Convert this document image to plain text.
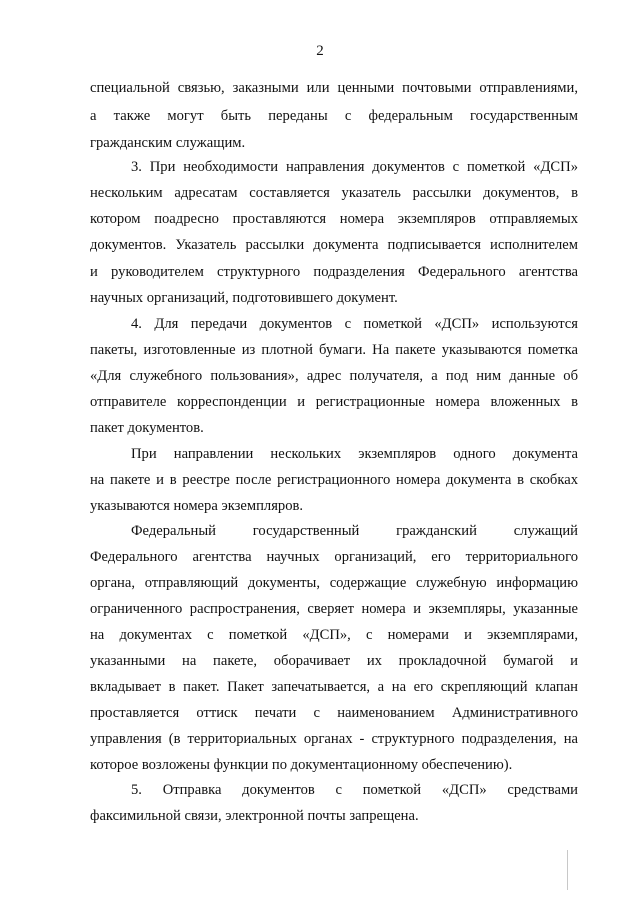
2
специальной связью, заказными или ценными почтовыми отправлениями,
а также могут быть переданы с федеральным государственным
гражданским служащим.
3. При необходимости направления документов с пометкой «ДСП»
нескольким адресатам составляется указатель рассылки документов, в
котором поадресно проставляются номера экземпляров отправляемых
документов. Указатель рассылки документа подписывается исполнителем
и руководителем структурного подразделения Федерального агентства
научных организаций, подготовившего документ.
4. Для передачи документов с пометкой «ДСП» используются
пакеты, изготовленные из плотной бумаги. На пакете указываются пометка
«Для служебного пользования», адрес получателя, а под ним данные об
отправителе корреспонденции и регистрационные номера вложенных в
пакет документов.
При направлении нескольких экземпляров одного документа
на пакете и в реестре после регистрационного номера документа в скобках
указываются номера экземпляров.
Федеральный государственный гражданский служащий
Федерального агентства научных организаций, его территориального
органа, отправляющий документы, содержащие служебную информацию
ограниченного распространения, сверяет номера и экземпляры, указанные
на документах с пометкой «ДСП», с номерами и экземплярами,
указанными на пакете, оборачивает их прокладочной бумагой и
вкладывает в пакет. Пакет запечатывается, а на его скрепляющий клапан
проставляется оттиск печати с наименованием Административного
управления (в территориальных органах - структурного подразделения, на
которое возложены функции по документационному обеспечению).
5. Отправка документов с пометкой «ДСП» средствами
факсимильной связи, электронной почты запрещена.
